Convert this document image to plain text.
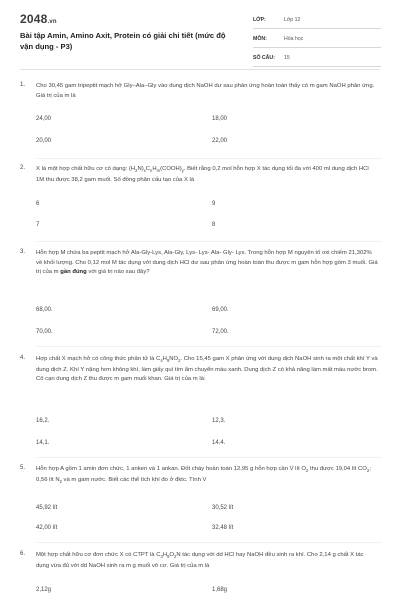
2048.vn
Bài tập Amin, Amino Axit, Protein có giải chi tiết (mức độ vận dụng - P3)
LỚP:	Lớp 12
MÔN:	Hóa học
SỐ CÂU: 15
1. Cho 30,45 gam tripeptit mạch hở Gly–Ala–Gly vào dung dịch NaOH dư sau phản ứng hoàn toàn thấy có m gam NaOH phản ứng. Giá trị của m là
24,00	18,00
20,00	22,00
2. X là một hợp chất hữu cơ có dạng: $(H_2N)_xC_nH_m(COOH)_y$. Biết rằng 0,2 mol hỗn hợp X tác dụng tối đa với 400 ml dung dịch HCl 1M thu được 38,2 gam muối. Số đồng phân cấu tạo của X là
6	9
7	8
3. Hỗn hợp M chứa ba peptit mạch hở Ala-Gly-Lys, Ala-Gly, Lys- Lys- Ala- Gly- Lys. Trong hỗn hợp M nguyên tố oxi chiếm 21,302% về khối lượng. Cho 0,12 mol M tác dụng với dung dịch HCl dư sau phản ứng hoàn toàn thu được m gam hỗn hợp gồm 3 muối. Giá trị của m gần đúng với giá trị nào sau đây?
68,00.	69,00.
70,00.	72,00.
4. Hợp chất X mạch hở có công thức phân tử là $C_4H_9NO_2$. Cho 15,45 gam X phản ứng với dung dịch NaOH sinh ra một chất khí Y và dung dịch Z. Khí Y nặng hơn không khí, làm giấy quì tím ẩm chuyển màu xanh. Dung dịch Z có khả năng làm mất màu nước brom. Cô cạn dung dịch Z thu được m gam muối khan. Giá trị của m là:
16,2.	12,3.
14,1.	14,4.
5. Hỗn hợp A gồm 1 amin đơn chức, 1 anken và 1 ankan. Đốt cháy hoàn toàn 12,95 g hỗn hợp cần V lít $O_2$ thu được 19,04 lít $CO_2$; 0,56 lít $N_2$ và m gam nước. Biết các thể tích khí đo ở đktc. Tính V
45,92 lít	30,52 lít
42,00 lít	32,48 lít
6. Một hợp chất hữu cơ đơn chức X có CTPT là $C_3H_9O_2N$ tác dụng với dd HCl hay NaOH đều sinh ra khí. Cho 2,14 g chất X tác dụng vừa đủ với dd NaOH sinh ra m g muối vô cơ. Giá trị của m là
2,12g	1,68g
